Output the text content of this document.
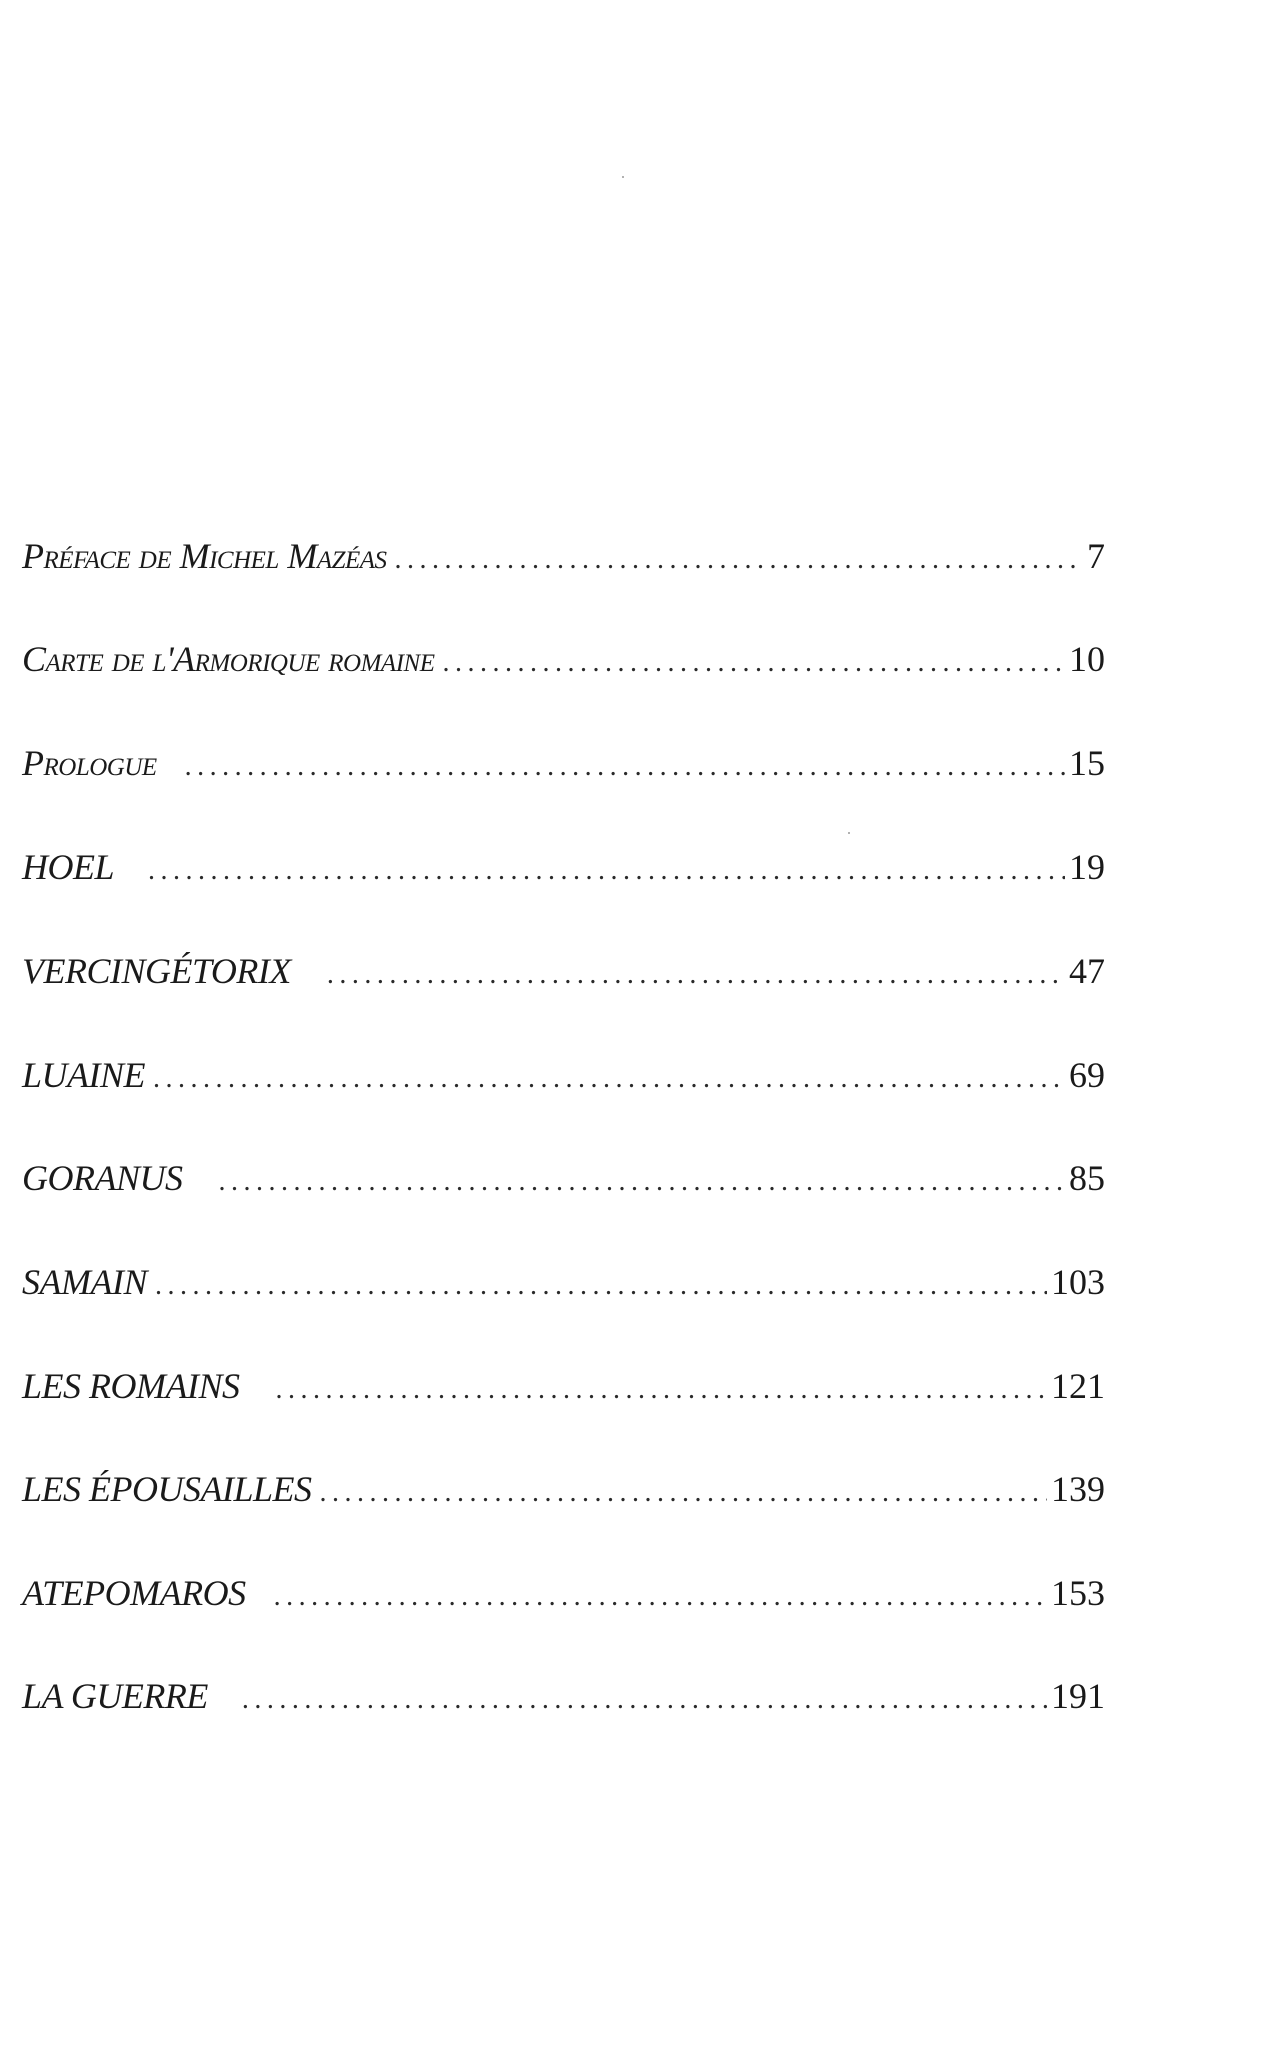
Préface de Michel Mazéas .....	7
Carte de l'Armorique romaine .....	10
Prologue .....	15
HOEL .....	19
VERCINGÉTORIX .....	47
LUAINE .....	69
GORANUS .....	85
SAMAIN .....	103
LES ROMAINS .....	121
LES ÉPOUSAILLES .....	139
ATEPOMAROS .....	153
LA GUERRE .....	191
